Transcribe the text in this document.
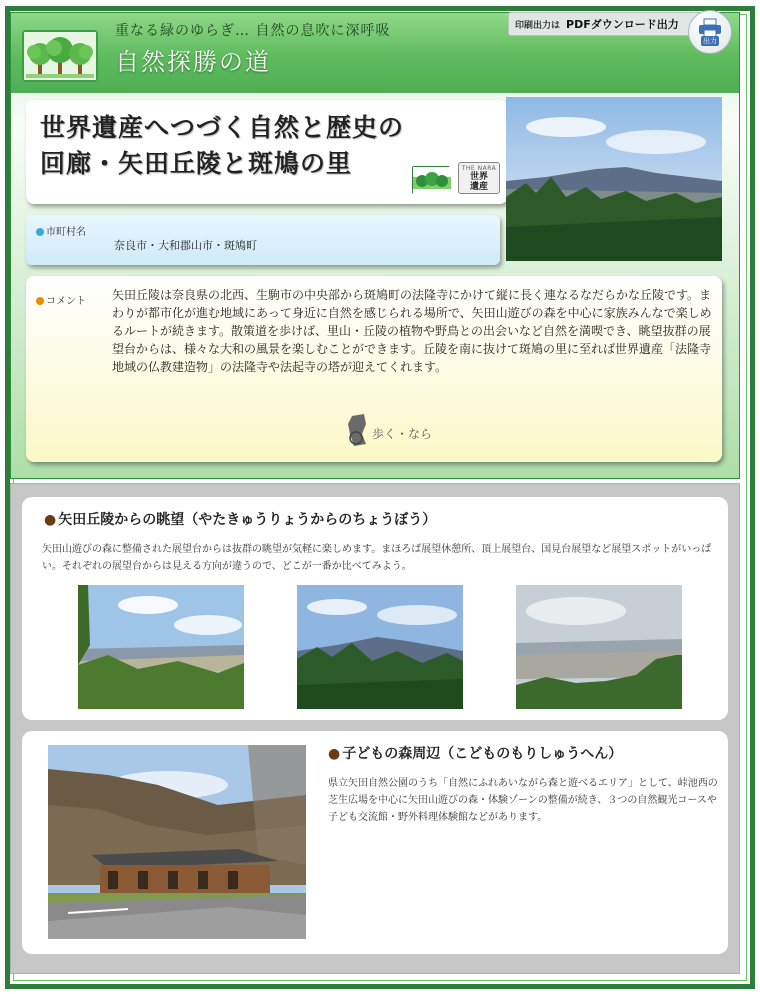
重なる緑のゆらぎ… 自然の息吹に深呼吸
自然探勝の道
印刷出力は PDFダウンロード出力
出力
世界遺産へつづく自然と歴史の
回廊・矢田丘陵と斑鳩の里	THE NARA
世界
遺産
市町村名
奈良市・大和郡山市・斑鳩町
コメント 矢田丘陵は奈良県の北西、生駒市の中央部から斑鳩町の法隆寺にかけて縦に長く連なるなだらかな丘陵です。まわりが都市化が進む地域にあって身近に自然を感じられる場所で、矢田山遊びの森を中心に家族みんなで楽しめるルートが続きます。散策道を歩けば、里山・丘陵の植物や野鳥との出会いなど自然を満喫でき、眺望抜群の展望台からは、様々な大和の風景を楽しむことができます。丘陵を南に抜けて斑鳩の里に至れば世界遺産「法隆寺地域の仏教建造物」の法隆寺や法起寺の塔が迎えてくれます。
歩く・なら
● 矢田丘陵からの眺望（やたきゅうりょうからのちょうぼう）
矢田山遊びの森に整備された展望台からは抜群の眺望が気軽に楽しめます。まほろば展望休憩所、頂上展望台、国見台展望など展望スポットがいっぱい。それぞれの展望台からは見える方向が違うので、どこが一番か比べてみよう。
● 子どもの森周辺（こどものもりしゅうへん）
県立矢田自然公園のうち「自然にふれあいながら森と遊べるエリア」として、峠池西の芝生広場を中心に矢田山遊びの森・体験ゾーンの整備が続き、３つの自然観光コースや子ども交流館・野外料理体験館などがあります。
